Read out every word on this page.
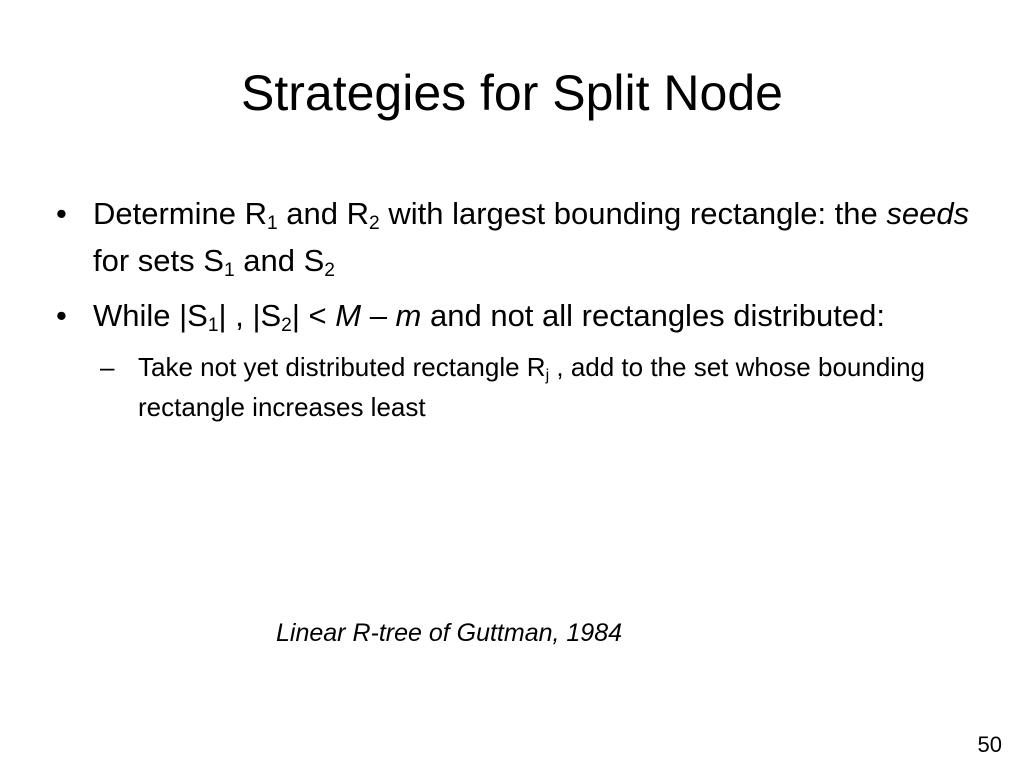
Strategies for Split Node
• Determine $R_1$ and $R_2$ with largest bounding rectangle: the seeds for sets $S_1$ and $S_2$
• While $|S_1|$ , $|S_2| < M - m$ and not all rectangles distributed:
– Take not yet distributed rectangle $R_j$ , add to the set whose bounding rectangle increases least
Linear R-tree of Guttman, 1984
50
